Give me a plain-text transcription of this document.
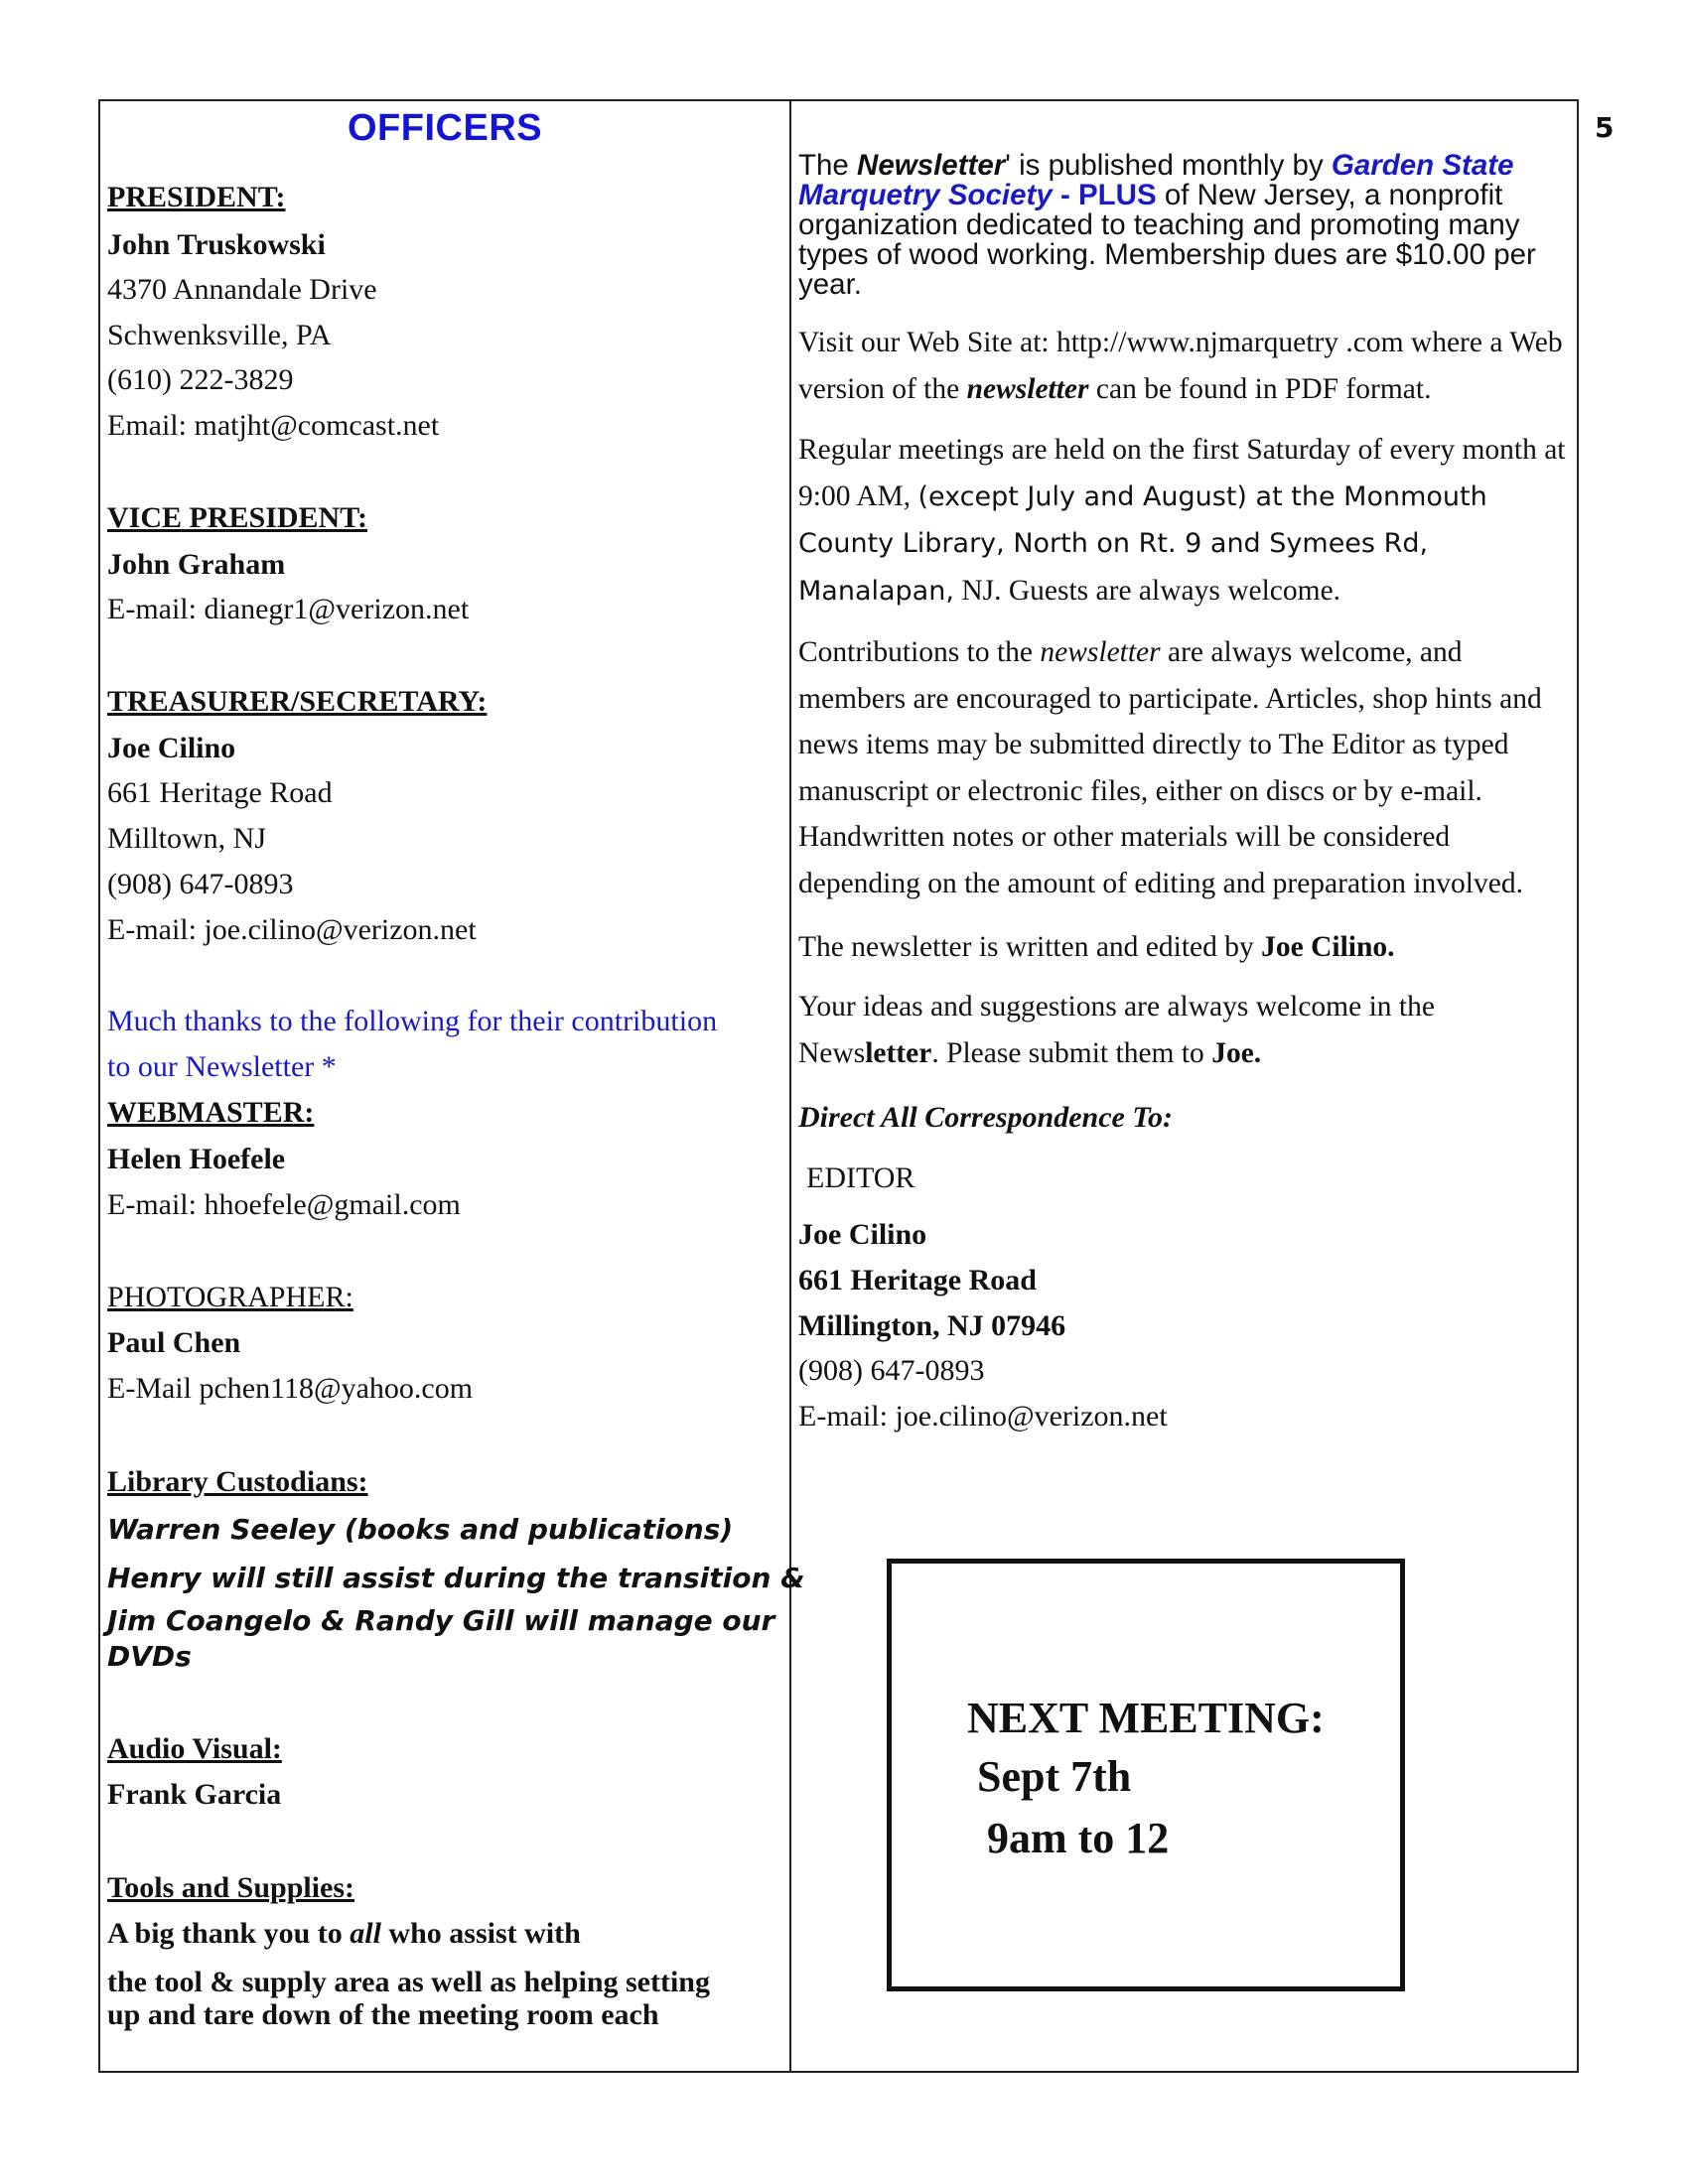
5
OFFICERS
PRESIDENT:
John Truskowski
4370 Annandale Drive
Schwenksville, PA
(610) 222-3829
Email: matjht@comcast.net
VICE PRESIDENT:
John Graham
E-mail: dianegr1@verizon.net
TREASURER/SECRETARY:
Joe Cilino
661 Heritage Road
Milltown, NJ
(908) 647-0893
E-mail: joe.cilino@verizon.net
Much thanks to the following for their contribution
to our Newsletter *
WEBMASTER:
Helen Hoefele
E-mail: hhoefele@gmail.com
PHOTOGRAPHER:
Paul Chen
E-Mail pchen118@yahoo.com
Library Custodians:
Warren Seeley (books and publications)
Henry will still assist during the transition &
Jim Coangelo & Randy Gill will manage our
DVDs
Audio Visual:
Frank Garcia
Tools and Supplies:
A big thank you to all who assist with
the tool & supply area as well as helping setting
up and tare down of the meeting room each
The Newsletter' is published monthly by Garden State Marquetry Society - PLUS of New Jersey, a nonprofit organization dedicated to teaching and promoting many types of wood working. Membership dues are $10.00 per year.
Visit our Web Site at: http://www.njmarquetry .com where a Web version of the newsletter can be found in PDF format.
Regular meetings are held on the first Saturday of every month at 9:00 AM, (except July and August) at the Monmouth County Library, North on Rt. 9 and Symees Rd, Manalapan, NJ. Guests are always welcome.
Contributions to the newsletter are always welcome, and members are encouraged to participate. Articles, shop hints and news items may be submitted directly to The Editor as typed manuscript or electronic files, either on discs or by e-mail. Handwritten notes or other materials will be considered depending on the amount of editing and preparation involved.
The newsletter is written and edited by Joe Cilino.
Your ideas and suggestions are always welcome in the Newsletter. Please submit them to Joe.
Direct All Correspondence To:
EDITOR
Joe Cilino
661 Heritage Road
Millington, NJ 07946
(908) 647-0893
E-mail: joe.cilino@verizon.net
NEXT MEETING:
Sept 7th
9am to 12
